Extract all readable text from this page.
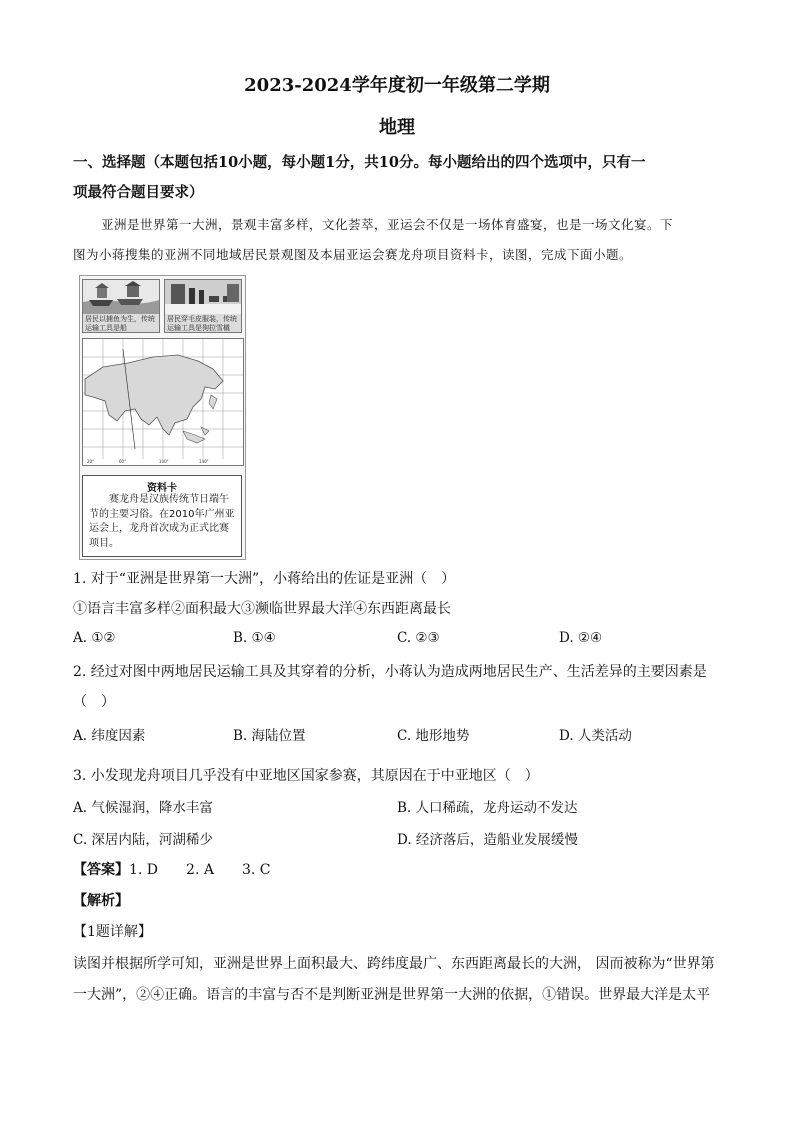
2023-2024学年度初一年级第二学期
地理
一、选择题（本题包括10小题，每小题1分，共10分。每小题给出的四个选项中，只有一
项最符合题目要求）
亚洲是世界第一大洲，景观丰富多样，文化荟萃，亚运会不仅是一场体育盛宴，也是一场文化宴。下
图为小蒋搜集的亚洲不同地域居民景观图及本届亚运会赛龙舟项目资料卡，读图，完成下面小题。
居民以捕鱼为生，传统运输工具是船
居民穿毛皮服装，传统运输工具是狗拉雪橇
20°	60°	100°	140°
资料卡
赛龙舟是汉族传统节日端午节的主要习俗。在2010年广州亚运会上，龙舟首次成为正式比赛项目。
1. 对于“亚洲是世界第一大洲”，小蒋给出的佐证是亚洲（　）
①语言丰富多样②面积最大③濒临世界最大洋④东西距离最长
A. ①②	B. ①④	C. ②③	D. ②④
2. 经过对图中两地居民运输工具及其穿着的分析，小蒋认为造成两地居民生产、生活差异的主要因素是
（　）
A. 纬度因素	B. 海陆位置	C. 地形地势	D. 人类活动
3. 小发现龙舟项目几乎没有中亚地区国家参赛，其原因在于中亚地区（　）
A. 气候湿润，降水丰富	B. 人口稀疏，龙舟运动不发达
C. 深居内陆，河湖稀少	D. 经济落后，造船业发展缓慢
【答案】1. D　　2. A　　3. C
【解析】
【1题详解】
读图并根据所学可知，亚洲是世界上面积最大、跨纬度最广、东西距离最长的大洲， 因而被称为“世界第
一大洲”，②④正确。语言的丰富与否不是判断亚洲是世界第一大洲的依据，①错误。世界最大洋是太平
